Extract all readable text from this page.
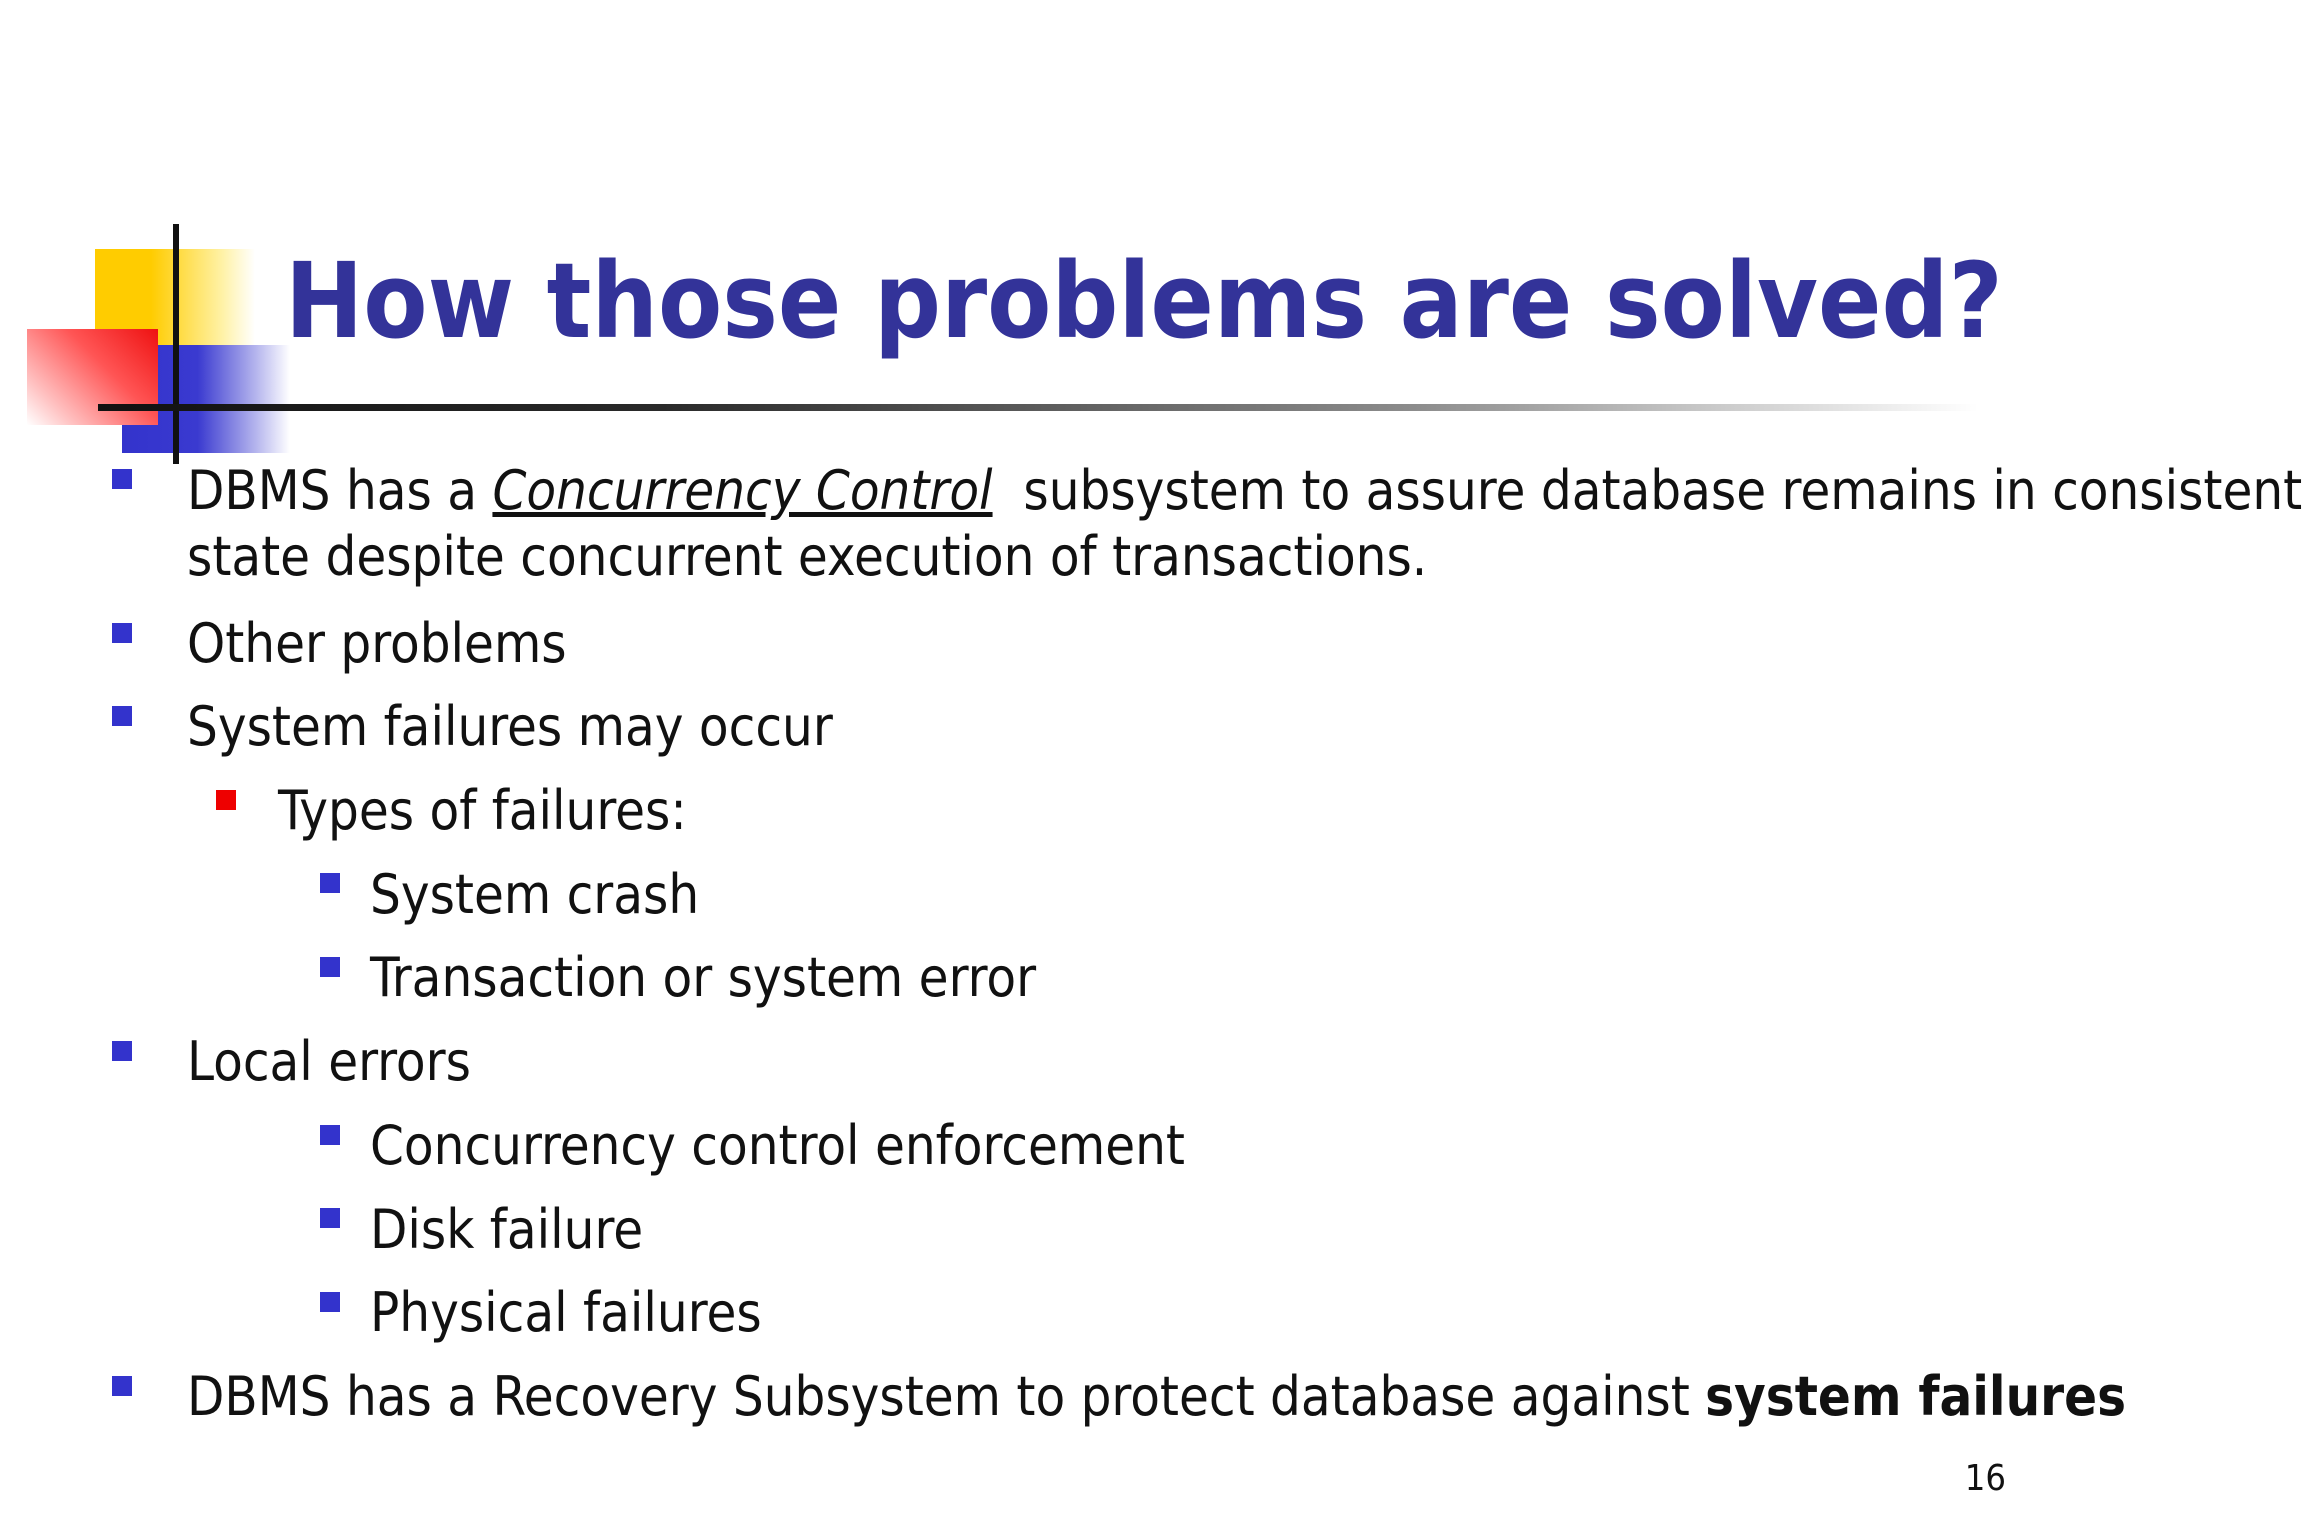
How those problems are solved?
DBMS has a Concurrency Control  subsystem to assure database remains in consistent
state despite concurrent execution of transactions.
Other problems
System failures may occur
Types of failures:
System crash
Transaction or system error
Local errors
Concurrency control enforcement
Disk failure
Physical failures
DBMS has a Recovery Subsystem to protect database against system failures
16
